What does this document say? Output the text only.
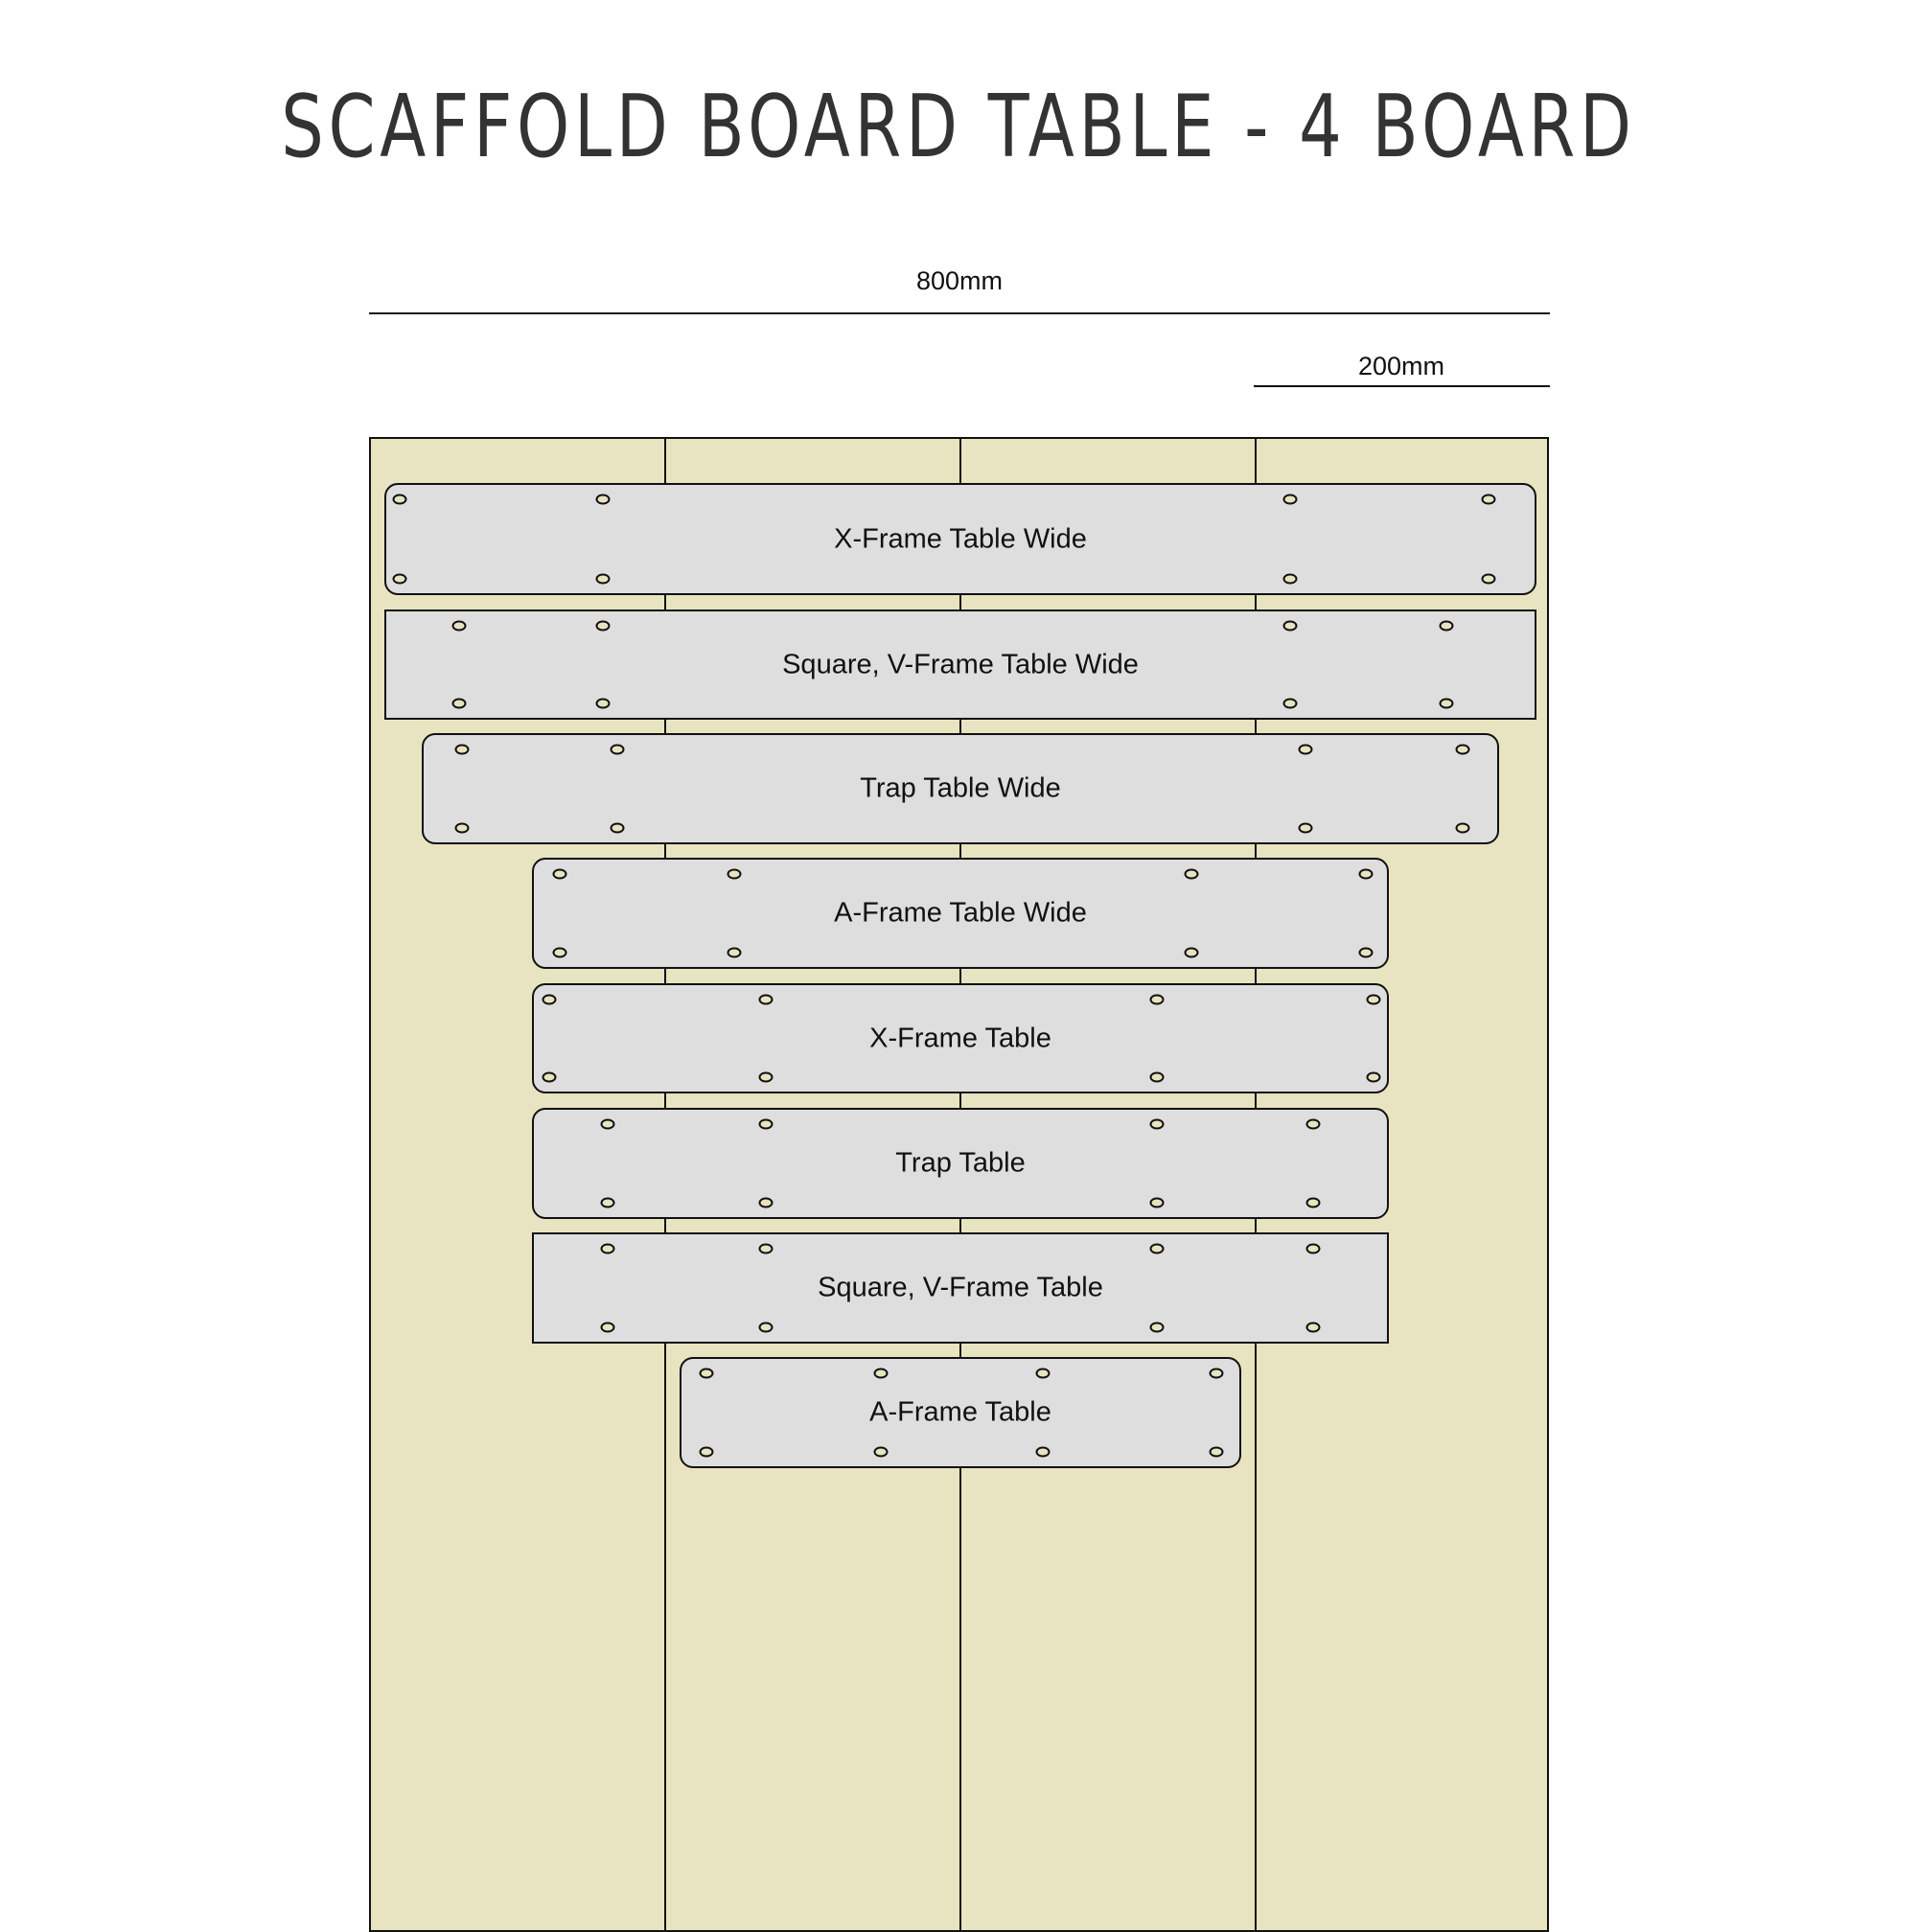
SCAFFOLD BOARD TABLE - 4 BOARD
800mm
200mm
X-Frame Table Wide
Square, V-Frame Table Wide
Trap Table Wide
A-Frame Table Wide
X-Frame Table
Trap Table
Square, V-Frame Table
A-Frame Table
